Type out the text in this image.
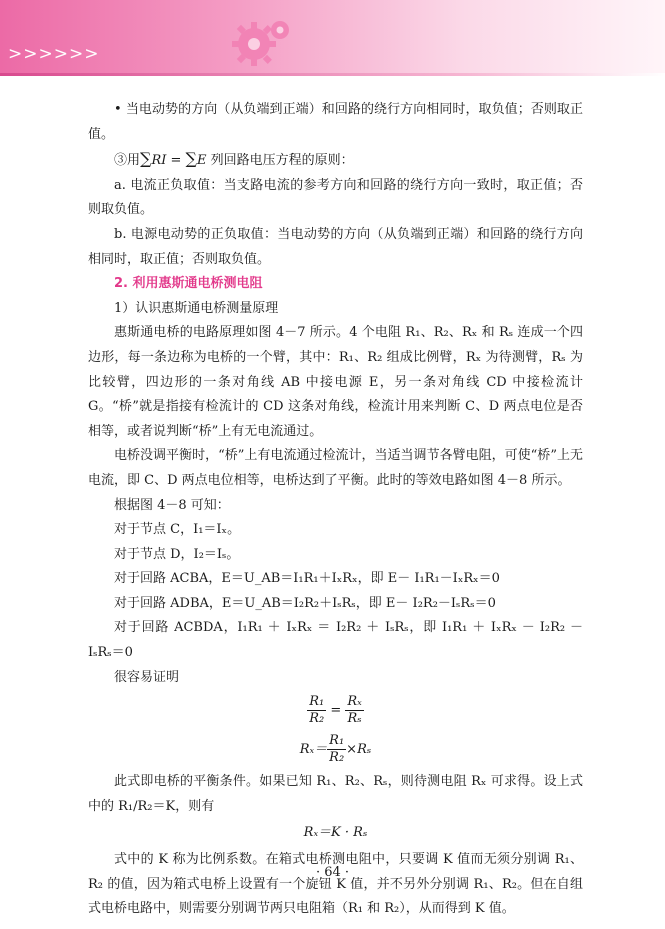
>>>>>>

• 当电动势的方向（从负端到正端）和回路的绕行方向相同时，取负值；否则取正值。

③用∑RI = ∑E 列回路电压方程的原则：

a. 电流正负取值：当支路电流的参考方向和回路的绕行方向一致时，取正值；否则取负值。

b. 电源电动势的正负取值：当电动势的方向（从负端到正端）和回路的绕行方向相同时，取正值；否则取负值。

2. 利用惠斯通电桥测电阻

1）认识惠斯通电桥测量原理

惠斯通电桥的电路原理如图 4－7 所示。4 个电阻 R₁、R₂、Rₓ 和 Rₛ 连成一个四边形，每一条边称为电桥的一个臂，其中：R₁、R₂ 组成比例臂，Rₓ 为待测臂，Rₛ 为比较臂，四边形的一条对角线 AB 中接电源 E，另一条对角线 CD 中接检流计 G。“桥”就是指接有检流计的 CD 这条对角线，检流计用来判断 C、D 两点电位是否相等，或者说判断“桥”上有无电流通过。

电桥没调平衡时，“桥”上有电流通过检流计，当适当调节各臂电阻，可使“桥”上无电流，即 C、D 两点电位相等，电桥达到了平衡。此时的等效电路如图 4－8 所示。

根据图 4－8 可知：

对于节点 C，I₁＝Iₓ。

对于节点 D，I₂＝Iₛ。

对于回路 ACBA，E＝U_AB＝I₁R₁＋IₓRₓ，即 E－ I₁R₁－IₓRₓ＝0

对于回路 ADBA，E＝U_AB＝I₂R₂＋IₛRₛ，即 E－ I₂R₂－IₛRₛ＝0

对于回路 ACBDA，I₁R₁ ＋ IₓRₓ ＝ I₂R₂ ＋ IₛRₛ，即 I₁R₁ ＋ IₓRₓ － I₂R₂ － IₛRₛ＝0

很容易证明

$\frac{\text{R₁}}{\text{R₂}} = \frac{\text{Rₓ}}{\text{Rₛ}}$
$R_x= \frac{\text{R₁}}{\text{R₂}} \times R_s$

此式即电桥的平衡条件。如果已知 R₁、R₂、Rₛ，则待测电阻 Rₓ 可求得。设上式中的 R₁/R₂＝K，则有

Rₓ＝K · Rₛ

式中的 K 称为比例系数。在箱式电桥测电阻中，只要调 K 值而无须分别调 R₁、R₂ 的值，因为箱式电桥上设置有一个旋钮 K 值，并不另外分别调 R₁、R₂。但在自组式电桥电路中，则需要分别调节两只电阻箱（R₁ 和 R₂），从而得到 K 值。

· 64 ·
